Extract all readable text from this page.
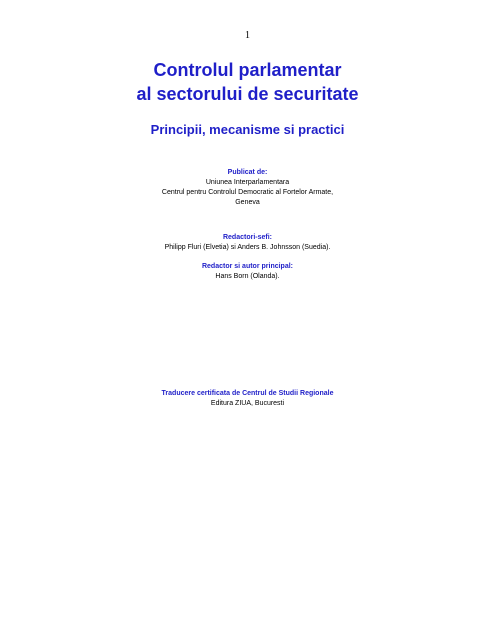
1
Controlul parlamentar
al sectorului de securitate
Principii, mecanisme si practici
Publicat de:
Uniunea Interparlamentara
Centrul pentru Controlul Democratic al Fortelor Armate,
Geneva
Redactori-sefi:
Philipp Fluri (Elvetia) si Anders B. Johnsson (Suedia).
Redactor si autor principal:
Hans Born (Olanda).
Traducere certificata de Centrul de Studii Regionale
Editura ZIUA, Bucuresti
